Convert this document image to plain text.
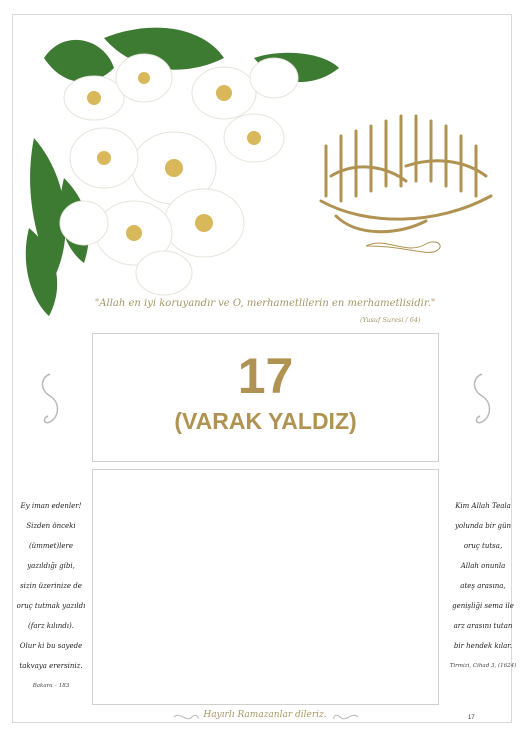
"Allah en iyi koruyandır ve O, merhametlilerin en merhametlisidir."
(Yusuf Suresi / 64)
17
(VARAK YALDIZ)
Ey iman edenler!
Sizden önceki
(ümmet)lere
yazıldığı gibi,
sizin üzerinize de
oruç tutmak yazıldı
(farz kılındı).
Olur ki bu sayede
takvaya erersiniz.
Bakara – 183
Kim Allah Teala
yolunda bir gün
oruç tutsa,
Allah onunla
ateş arasına,
genişliği sema ile
arz arasını tutan
bir hendek kılar.
Tirmizi, Cihad 3, (1624)
Hayırlı Ramazanlar dileriz.	17
